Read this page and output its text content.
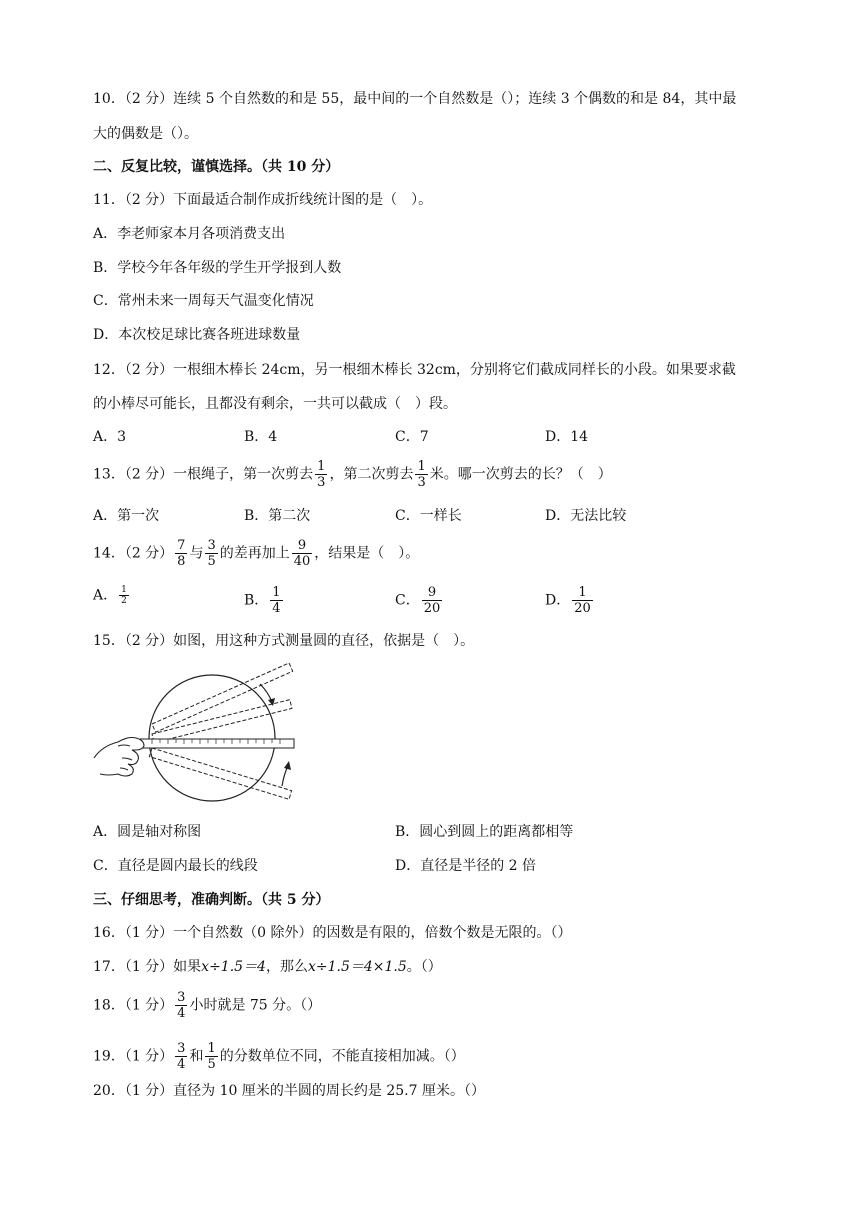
10．（2 分）连续 5 个自然数的和是 55，最中间的一个自然数是（）；连续 3 个偶数的和是 84，其中最
大的偶数是（）。
二、反复比较，谨慎选择。（共 10 分）
11．（2 分）下面最适合制作成折线统计图的是（　）。
A．李老师家本月各项消费支出
B．学校今年各年级的学生开学报到人数
C．常州未来一周每天气温变化情况
D．本次校足球比赛各班进球数量
12．（2 分）一根细木棒长 24cm，另一根细木棒长 32cm，分别将它们截成同样长的小段。如果要求截
的小棒尽可能长，且都没有剩余，一共可以截成（　）段。
A．3	B．4	C．7	D．14
13．（2 分）一根绳子，第一次剪去 $\frac{1}{3}$ ，第二次剪去 $\frac{1}{3}$ 米。哪一次剪去的长？（　）
A．第一次	B．第二次	C．一样长	D．无法比较
14．（2 分） $\frac{7}{8}$ 与 $\frac{3}{5}$ 的差再加上 $\frac{9}{40}$ ，结果是（　）。
A． $\frac{1}{2}$	B． $\frac{1}{4}$	C． $\frac{9}{20}$	D． $\frac{1}{20}$
15．（2 分）如图，用这种方式测量圆的直径，依据是（　）。
A．圆是轴对称图	B．圆心到圆上的距离都相等
C．直径是圆内最长的线段	D．直径是半径的 2 倍
三、仔细思考，准确判断。（共 5 分）
16．（1 分）一个自然数（0 除外）的因数是有限的，倍数个数是无限的。（）
17．（1 分）如果x÷1.5＝4，那么x÷1.5＝4×1.5。（）
18．（1 分） $\frac{3}{4}$ 小时就是 75 分。（）
19．（1 分） $\frac{3}{4}$ 和 $\frac{1}{5}$ 的分数单位不同，不能直接相加减。（）
20．（1 分）直径为 10 厘米的半圆的周长约是 25.7 厘米。（）
